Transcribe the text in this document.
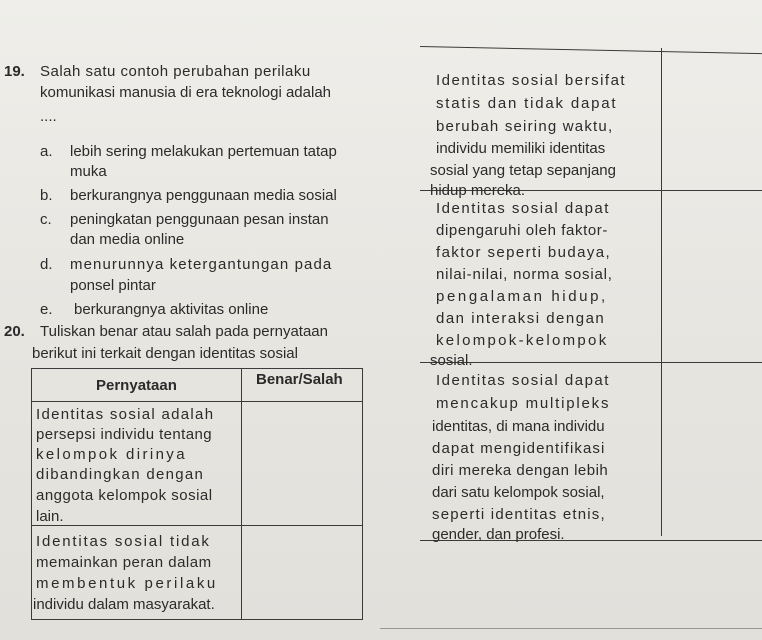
19. Salah satu contoh perubahan perilaku
komunikasi manusia di era teknologi adalah
....
a. lebih sering melakukan pertemuan tatap
muka
b. berkurangnya penggunaan media sosial
c. peningkatan penggunaan pesan instan
dan media online
d. menurunnya ketergantungan pada
ponsel pintar
e. berkurangnya aktivitas online
20. Tuliskan benar atau salah pada pernyataan
berikut ini terkait dengan identitas sosial
Pernyataan	Benar/Salah
Identitas sosial adalah
persepsi individu tentang
kelompok dirinya
dibandingkan dengan
anggota kelompok sosial
lain.
Identitas sosial tidak
memainkan peran dalam
membentuk perilaku
individu dalam masyarakat.
Identitas sosial bersifat
statis dan tidak dapat
berubah seiring waktu,
individu memiliki identitas
sosial yang tetap sepanjang
hidup mereka.
Identitas sosial dapat
dipengaruhi oleh faktor-
faktor seperti budaya,
nilai-nilai, norma sosial,
pengalaman hidup,
dan interaksi dengan
kelompok-kelompok
sosial.
Identitas sosial dapat
mencakup multipleks
identitas, di mana individu
dapat mengidentifikasi
diri mereka dengan lebih
dari satu kelompok sosial,
seperti identitas etnis,
gender, dan profesi.
